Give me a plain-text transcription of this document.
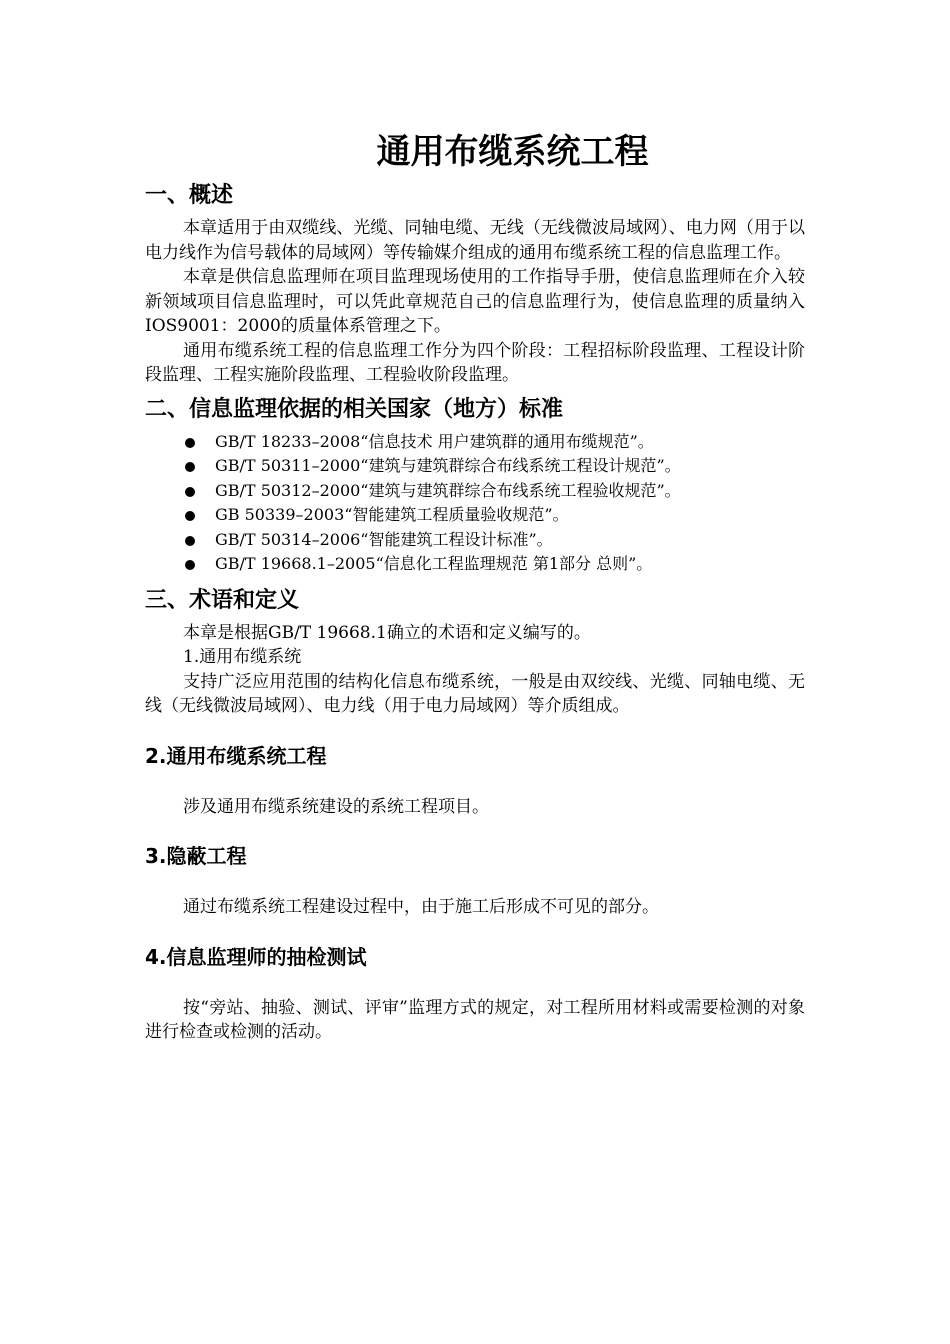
通用布缆系统工程
一、概述

本章适用于由双缆线、光缆、同轴电缆、无线（无线微波局域网）、电力网（用于以电力线作为信号载体的局域网）等传输媒介组成的通用布缆系统工程的信息监理工作。

本章是供信息监理师在项目监理现场使用的工作指导手册，使信息监理师在介入较新领域项目信息监理时，可以凭此章规范自己的信息监理行为，使信息监理的质量纳入IOS9001：2000的质量体系管理之下。

通用布缆系统工程的信息监理工作分为四个阶段：工程招标阶段监理、工程设计阶段监理、工程实施阶段监理、工程验收阶段监理。

二、信息监理依据的相关国家（地方）标准
GB/T 18233–2008“信息技术 用户建筑群的通用布缆规范”。
GB/T 50311–2000“建筑与建筑群综合布线系统工程设计规范”。
GB/T 50312–2000“建筑与建筑群综合布线系统工程验收规范”。
GB 50339–2003“智能建筑工程质量验收规范”。
GB/T 50314–2006“智能建筑工程设计标准”。
GB/T 19668.1–2005“信息化工程监理规范 第1部分 总则”。
三、术语和定义

本章是根据GB/T 19668.1确立的术语和定义编写的。

1.通用布缆系统

支持广泛应用范围的结构化信息布缆系统，一般是由双绞线、光缆、同轴电缆、无线（无线微波局域网）、电力线（用于电力局域网）等介质组成。

2.通用布缆系统工程

涉及通用布缆系统建设的系统工程项目。

3.隐蔽工程

通过布缆系统工程建设过程中，由于施工后形成不可见的部分。

4.信息监理师的抽检测试

按“旁站、抽验、测试、评审”监理方式的规定，对工程所用材料或需要检测的对象进行检查或检测的活动。
